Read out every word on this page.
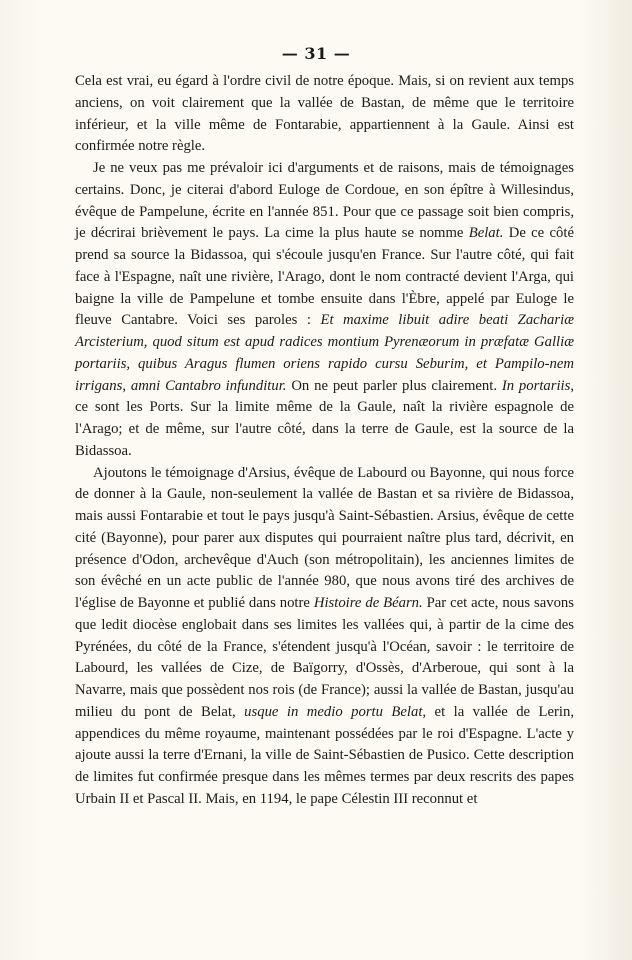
— 31 —

Cela est vrai, eu égard à l'ordre civil de notre époque. Mais, si on revient aux temps anciens, on voit clairement que la vallée de Bastan, de même que le territoire inférieur, et la ville même de Fontarabie, appartiennent à la Gaule. Ainsi est confirmée notre règle.

Je ne veux pas me prévaloir ici d'arguments et de raisons, mais de témoignages certains. Donc, je citerai d'abord Euloge de Cordoue, en son épître à Willesindus, évêque de Pampelune, écrite en l'année 851. Pour que ce passage soit bien compris, je décrirai brièvement le pays. La cime la plus haute se nomme Belat. De ce côté prend sa source la Bidassoa, qui s'écoule jusqu'en France. Sur l'autre côté, qui fait face à l'Espagne, naît une rivière, l'Arago, dont le nom contracté devient l'Arga, qui baigne la ville de Pampelune et tombe ensuite dans l'Èbre, appelé par Euloge le fleuve Cantabre. Voici ses paroles : Et maxime libuit adire beati Zachariæ Arcisterium, quod situm est apud radices montium Pyrenæorum in præfatæ Galliæ portariis, quibus Aragus flumen oriens rapido cursu Seburim, et Pampilo-nem irrigans, amni Cantabro infunditur. On ne peut parler plus clairement. In portariis, ce sont les Ports. Sur la limite même de la Gaule, naît la rivière espagnole de l'Arago; et de même, sur l'autre côté, dans la terre de Gaule, est la source de la Bidassoa.

Ajoutons le témoignage d'Arsius, évêque de Labourd ou Bayonne, qui nous force de donner à la Gaule, non-seulement la vallée de Bastan et sa rivière de Bidassoa, mais aussi Fontarabie et tout le pays jusqu'à Saint-Sébastien. Arsius, évêque de cette cité (Bayonne), pour parer aux disputes qui pourraient naître plus tard, décrivit, en présence d'Odon, archevêque d'Auch (son métropolitain), les anciennes limites de son évêché en un acte public de l'année 980, que nous avons tiré des archives de l'église de Bayonne et publié dans notre Histoire de Béarn. Par cet acte, nous savons que ledit diocèse englobait dans ses limites les vallées qui, à partir de la cime des Pyrénées, du côté de la France, s'étendent jusqu'à l'Océan, savoir : le territoire de Labourd, les vallées de Cize, de Baïgorry, d'Ossès, d'Arberoue, qui sont à la Navarre, mais que possèdent nos rois (de France); aussi la vallée de Bastan, jusqu'au milieu du pont de Belat, usque in medio portu Belat, et la vallée de Lerin, appendices du même royaume, maintenant possédées par le roi d'Espagne. L'acte y ajoute aussi la terre d'Ernani, la ville de Saint-Sébastien de Pusico. Cette description de limites fut confirmée presque dans les mêmes termes par deux rescrits des papes Urbain II et Pascal II. Mais, en 1194, le pape Célestin III reconnut et
